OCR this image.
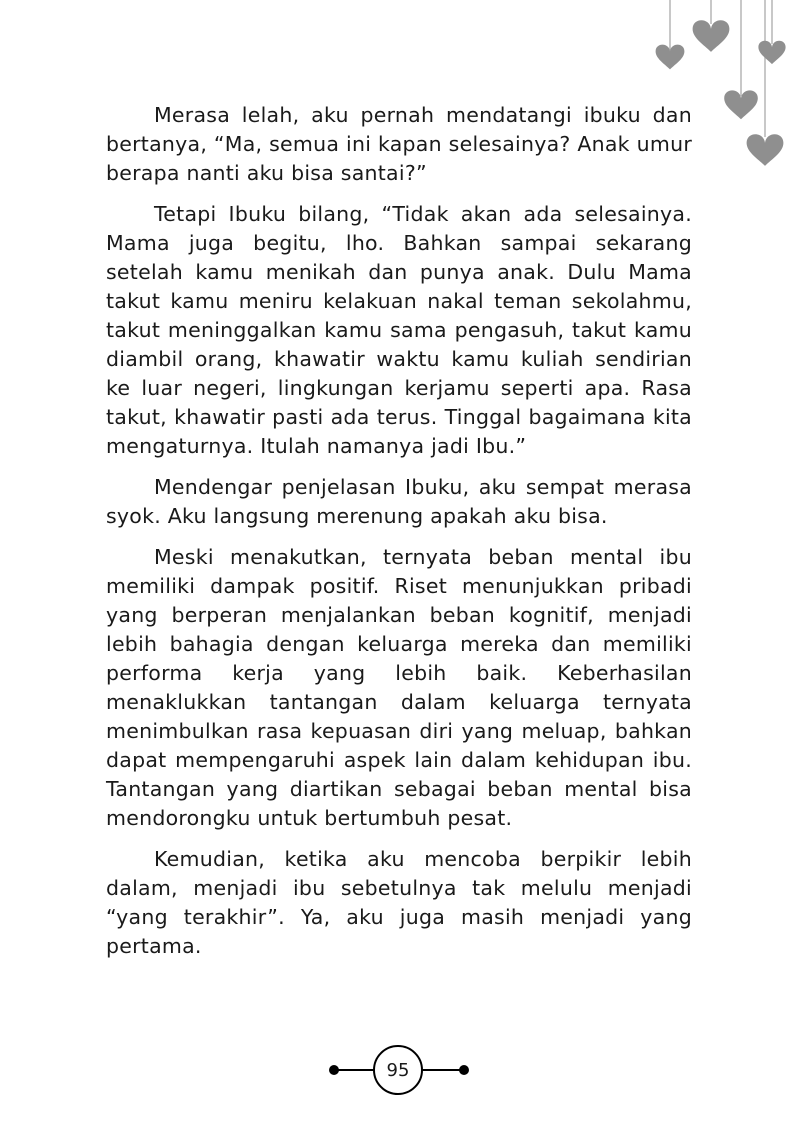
Merasa lelah, aku pernah mendatangi ibuku dan bertanya, “Ma, semua ini kapan selesainya? Anak umur berapa nanti aku bisa santai?”

Tetapi Ibuku bilang, “Tidak akan ada selesainya. Mama juga begitu, lho. Bahkan sampai sekarang setelah kamu menikah dan punya anak. Dulu Mama takut kamu meniru kelakuan nakal teman sekolahmu, takut meninggalkan kamu sama pengasuh, takut kamu diambil orang, khawatir waktu kamu kuliah sendirian ke luar negeri, lingkungan kerjamu seperti apa. Rasa takut, khawatir pasti ada terus. Tinggal bagaimana kita mengaturnya. Itulah namanya jadi Ibu.”

Mendengar penjelasan Ibuku, aku sempat merasa syok. Aku langsung merenung apakah aku bisa.

Meski menakutkan, ternyata beban mental ibu memiliki dampak positif. Riset menunjukkan pribadi yang berperan menjalankan beban kognitif, menjadi lebih bahagia dengan keluarga mereka dan memiliki performa kerja yang lebih baik. Keberhasilan menaklukkan tantangan dalam keluarga ternyata menimbulkan rasa kepuasan diri yang meluap, bahkan dapat mempengaruhi aspek lain dalam kehidupan ibu. Tantangan yang diartikan sebagai beban mental bisa mendorongku untuk bertumbuh pesat.

Kemudian, ketika aku mencoba berpikir lebih dalam, menjadi ibu sebetulnya tak melulu menjadi “yang terakhir”. Ya, aku juga masih menjadi yang pertama.

95
